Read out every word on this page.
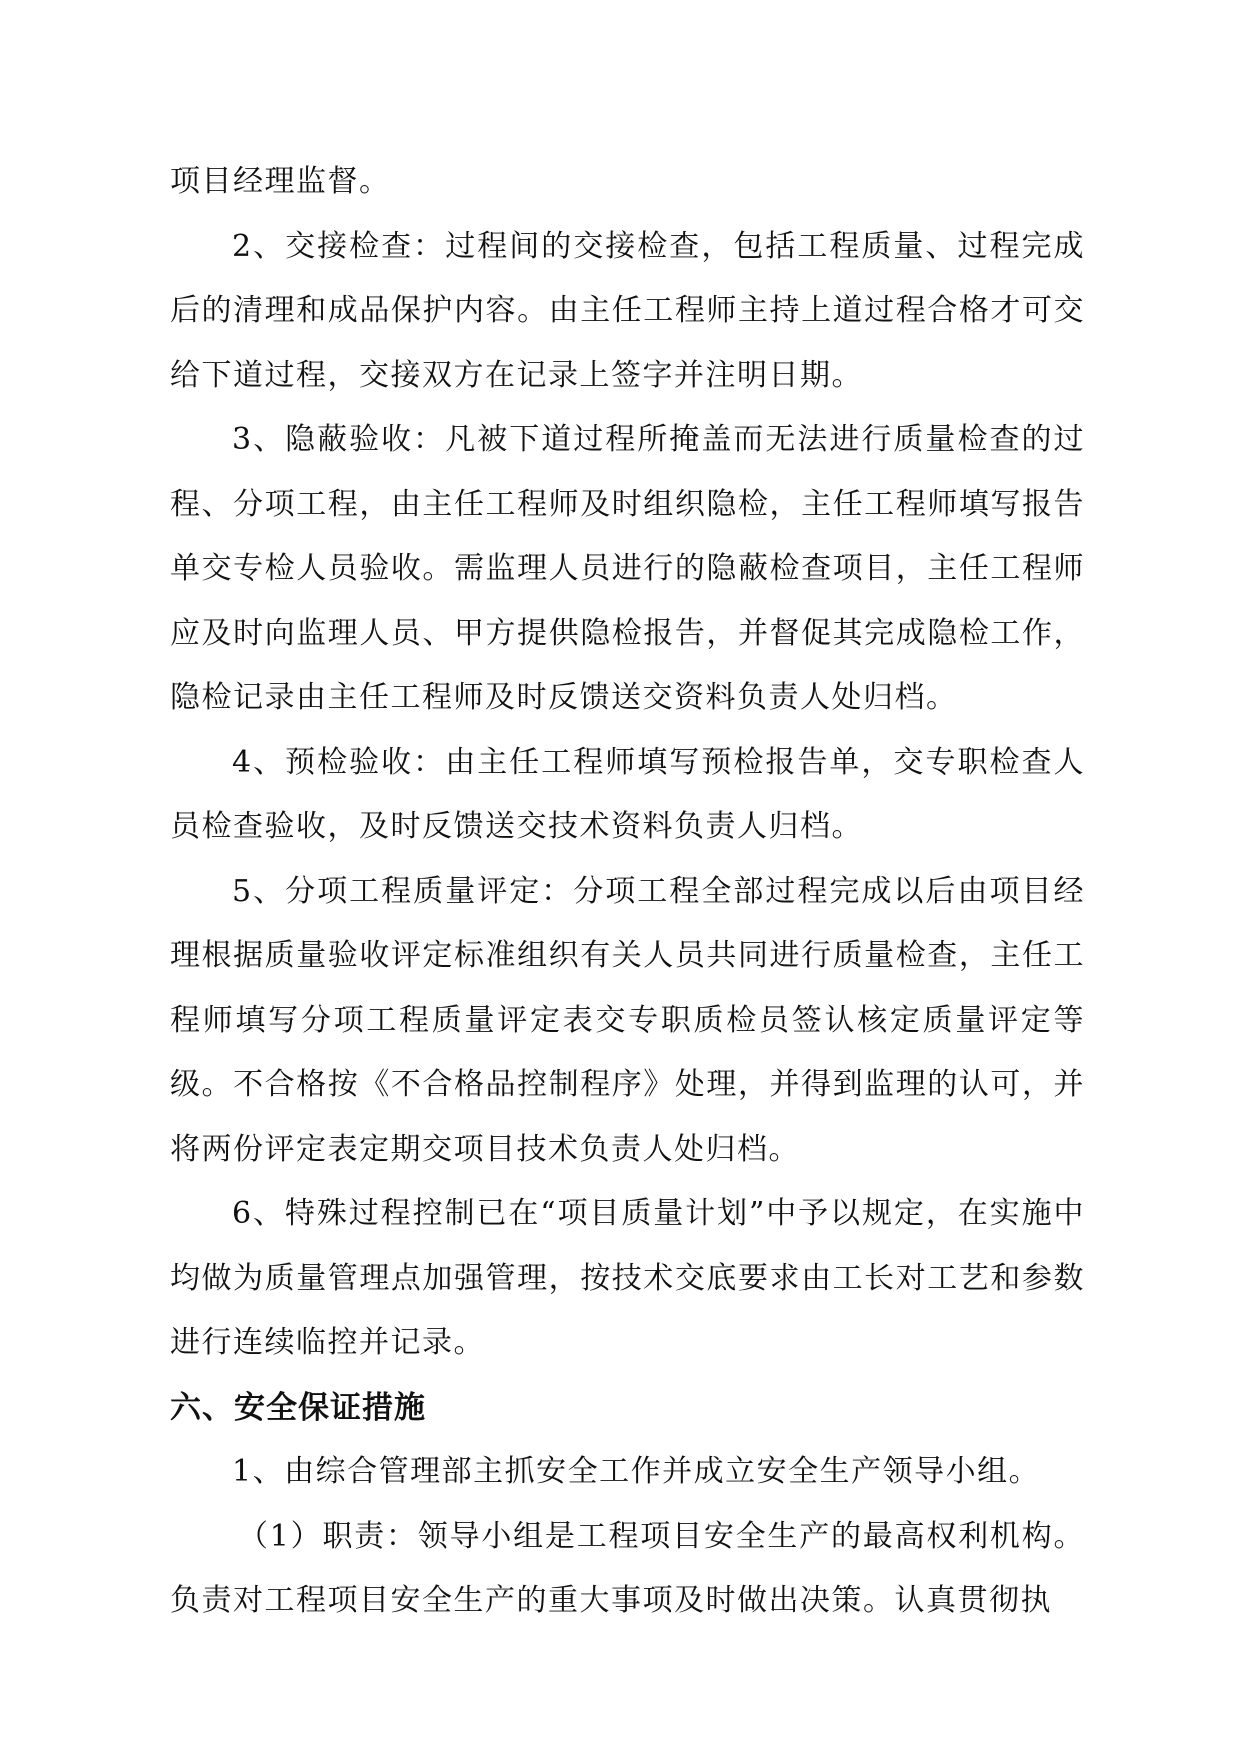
项目经理监督。

2、交接检查：过程间的交接检查，包括工程质量、过程完成后的清理和成品保护内容。由主任工程师主持上道过程合格才可交给下道过程，交接双方在记录上签字并注明日期。

3、隐蔽验收：凡被下道过程所掩盖而无法进行质量检查的过程、分项工程，由主任工程师及时组织隐检，主任工程师填写报告单交专检人员验收。需监理人员进行的隐蔽检查项目，主任工程师应及时向监理人员、甲方提供隐检报告，并督促其完成隐检工作，隐检记录由主任工程师及时反馈送交资料负责人处归档。

4、预检验收：由主任工程师填写预检报告单，交专职检查人员检查验收，及时反馈送交技术资料负责人归档。

5、分项工程质量评定：分项工程全部过程完成以后由项目经理根据质量验收评定标准组织有关人员共同进行质量检查，主任工程师填写分项工程质量评定表交专职质检员签认核定质量评定等级。不合格按《不合格品控制程序》处理，并得到监理的认可，并将两份评定表定期交项目技术负责人处归档。

6、特殊过程控制已在“项目质量计划”中予以规定，在实施中均做为质量管理点加强管理，按技术交底要求由工长对工艺和参数进行连续临控并记录。

六、安全保证措施

1、由综合管理部主抓安全工作并成立安全生产领导小组。

（1）职责：领导小组是工程项目安全生产的最高权利机构。负责对工程项目安全生产的重大事项及时做出决策。认真贯彻执
